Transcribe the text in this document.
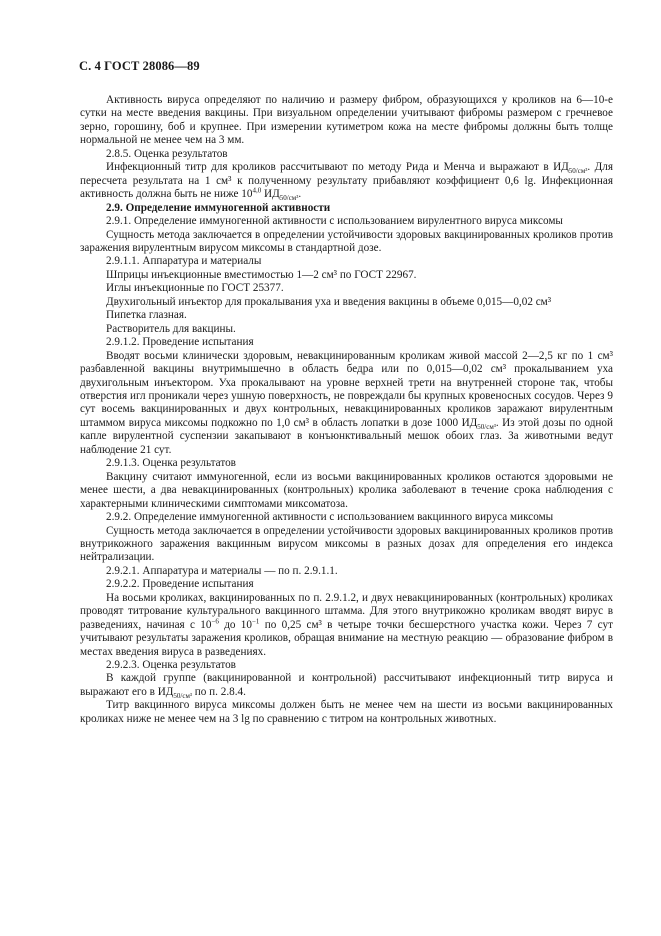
С. 4 ГОСТ 28086—89

Активность вируса определяют по наличию и размеру фибром, образующихся у кроликов на 6—10-е сутки на месте введения вакцины. При визуальном определении учитывают фибромы размером с гречневое зерно, горошину, боб и крупнее. При измерении кутиметром кожа на месте фибромы должны быть толще нормальной не менее чем на 3 мм.

2.8.5. Оценка результатов

Инфекционный титр для кроликов рассчитывают по методу Рида и Менча и выражают в $ИД_{50/см^3}$. Для пересчета результата на 1 см³ к полученному результату прибавляют коэффициент 0,6 lg. Инфекционная активность должна быть не ниже 10$^{4,0}$ $ИД_{50/см^3}$.

2.9. Определение иммуногенной активности

2.9.1. Определение иммуногенной активности с использованием вирулентного вируса миксомы

Сущность метода заключается в определении устойчивости здоровых вакцинированных кроликов против заражения вирулентным вирусом миксомы в стандартной дозе.

2.9.1.1. Аппаратура и материалы

Шприцы инъекционные вместимостью 1—2 см³ по ГОСТ 22967.

Иглы инъекционные по ГОСТ 25377.

Двухигольный инъектор для прокалывания уха и введения вакцины в объеме 0,015—0,02 см³

Пипетка глазная.

Растворитель для вакцины.

2.9.1.2. Проведение испытания

Вводят восьми клинически здоровым, невакцинированным кроликам живой массой 2—2,5 кг по 1 см³ разбавленной вакцины внутримышечно в область бедра или по 0,015—0,02 см³ прокалыванием уха двухигольным инъектором. Уха прокалывают на уровне верхней трети на внутренней стороне так, чтобы отверстия игл проникали через ушную поверхность, не повреждали бы крупных кровеносных сосудов. Через 9 сут восемь вакцинированных и двух контрольных, невакцинированных кроликов заражают вирулентным штаммом вируса миксомы подкожно по 1,0 см³ в область лопатки в дозе 1000 $ИД_{50/см^3}$. Из этой дозы по одной капле вирулентной суспензии закапывают в конъюнктивальный мешок обоих глаз. За животными ведут наблюдение 21 сут.

2.9.1.3. Оценка результатов

Вакцину считают иммуногенной, если из восьми вакцинированных кроликов остаются здоровыми не менее шести, а два невакцинированных (контрольных) кролика заболевают в течение срока наблюдения с характерными клиническими симптомами миксоматоза.

2.9.2. Определение иммуногенной активности с использованием вакцинного вируса миксомы

Сущность метода заключается в определении устойчивости здоровых вакцинированных кроликов против внутрикожного заражения вакцинным вирусом миксомы в разных дозах для определения его индекса нейтрализации.

2.9.2.1. Аппаратура и материалы — по п. 2.9.1.1.

2.9.2.2. Проведение испытания

На восьми кроликах, вакцинированных по п. 2.9.1.2, и двух невакцинированных (контрольных) кроликах проводят титрование культурального вакцинного штамма. Для этого внутрикожно кроликам вводят вирус в разведениях, начиная с $10^{-6}$ до $10^{-1}$ по 0,25 см³ в четыре точки бесшерстного участка кожи. Через 7 сут учитывают результаты заражения кроликов, обращая внимание на местную реакцию — образование фибром в местах введения вируса в разведениях.

2.9.2.3. Оценка результатов

В каждой группе (вакцинированной и контрольной) рассчитывают инфекционный титр вируса и выражают его в $ИД_{50/см^3}$ по п. 2.8.4.

Титр вакцинного вируса миксомы должен быть не менее чем на шести из восьми вакцинированных кроликах ниже не менее чем на 3 lg по сравнению с титром на контрольных животных.
